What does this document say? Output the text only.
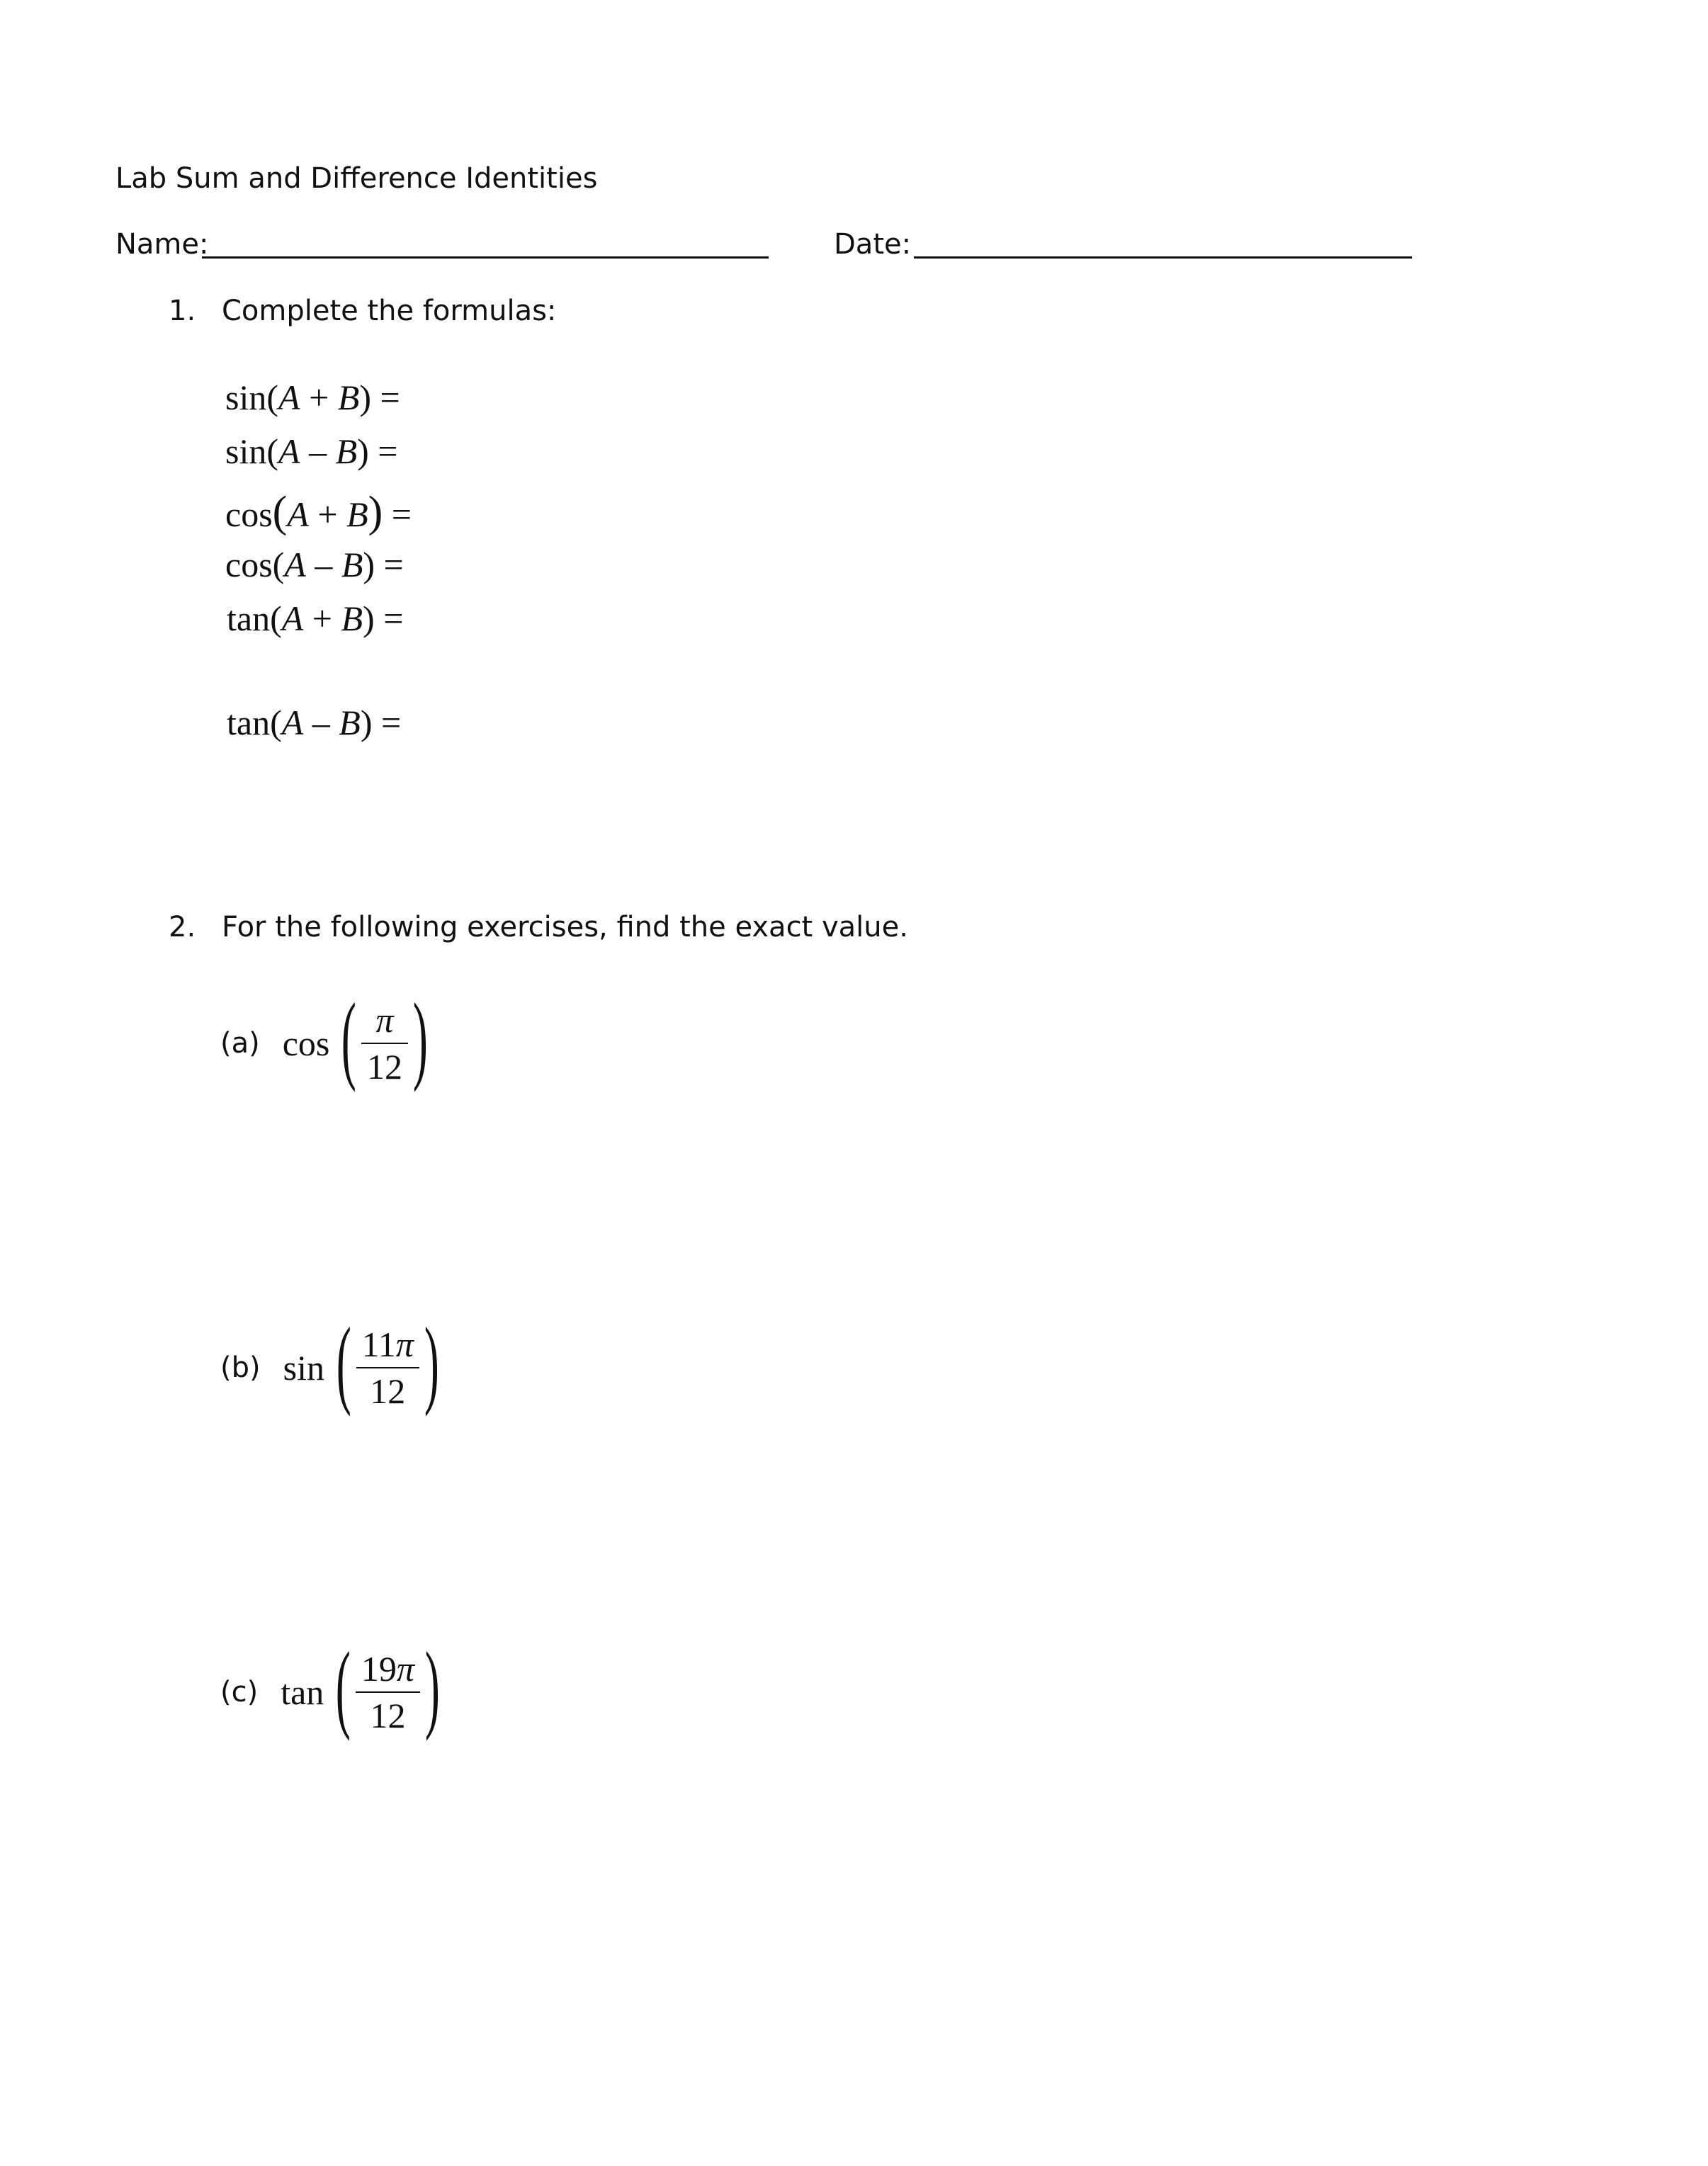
Lab Sum and Difference Identities
Name:	Date:
1. Complete the formulas:
sin(A + B) =
sin(A – B) =
cos(A + B) =
cos(A – B) =
tan(A + B) =
tan(A – B) =
2. For the following exercises, find the exact value.
(a) cos ( $\frac{\pi}{12}$ )
(b) sin ( $\frac{11\pi}{12}$ )
(c) tan ( $\frac{19\pi}{12}$ )
